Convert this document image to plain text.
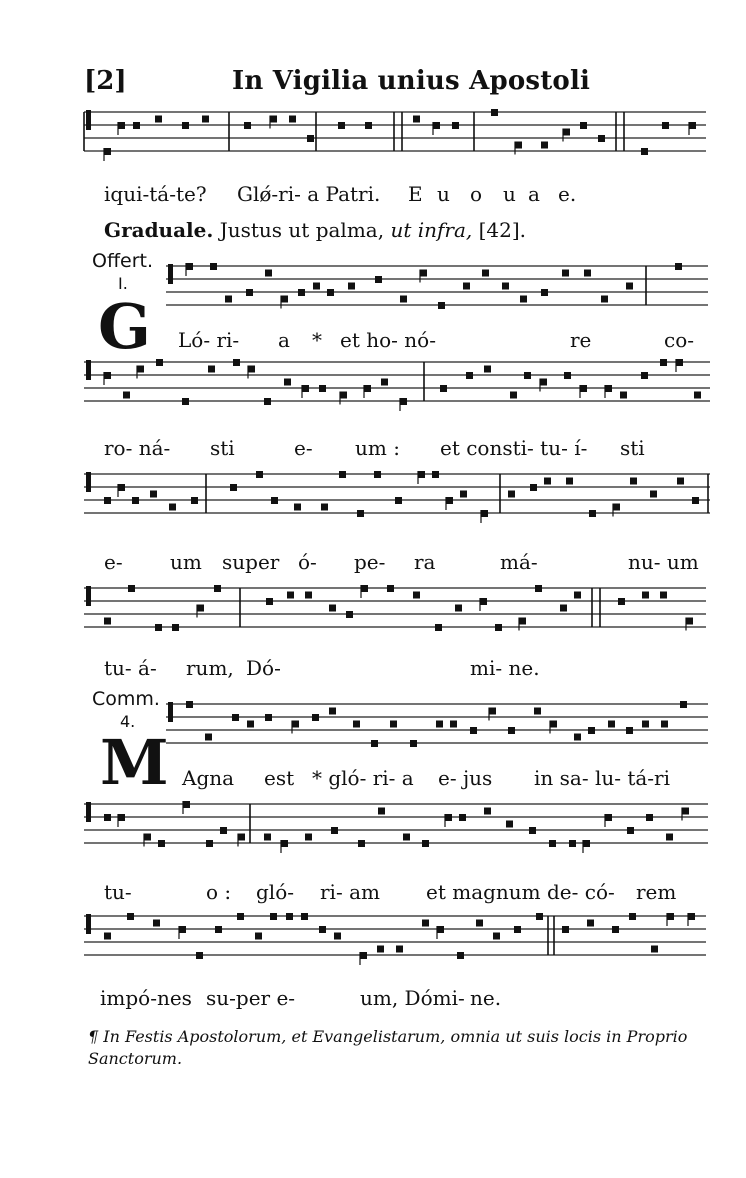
[2]	In Vigilia unius Apostoli
iqui-tá-te? Glǿ-ri- a Patri. E u o u a e.
Graduale. Justus ut palma, ut infra, [42].
Offert.
I.
G Ló- ri- a * et ho- nó-	re	co-
ro- ná- sti	e- um : et consti- tu- í- sti
e- um super ó- pe- ra	má-	nu- um
tu- á- rum, Dó-	mi- ne.
Comm.
4.
M Agna est * gló- ri- a e- jus in sa- lu- tá-ri
tu-	o : gló- ri- am et magnum de- có- rem
impó-nes su-per e-	um, Dómi- ne.
¶ In Festis Apostolorum, et Evangelistarum, omnia ut suis locis in Proprio Sanctorum.
